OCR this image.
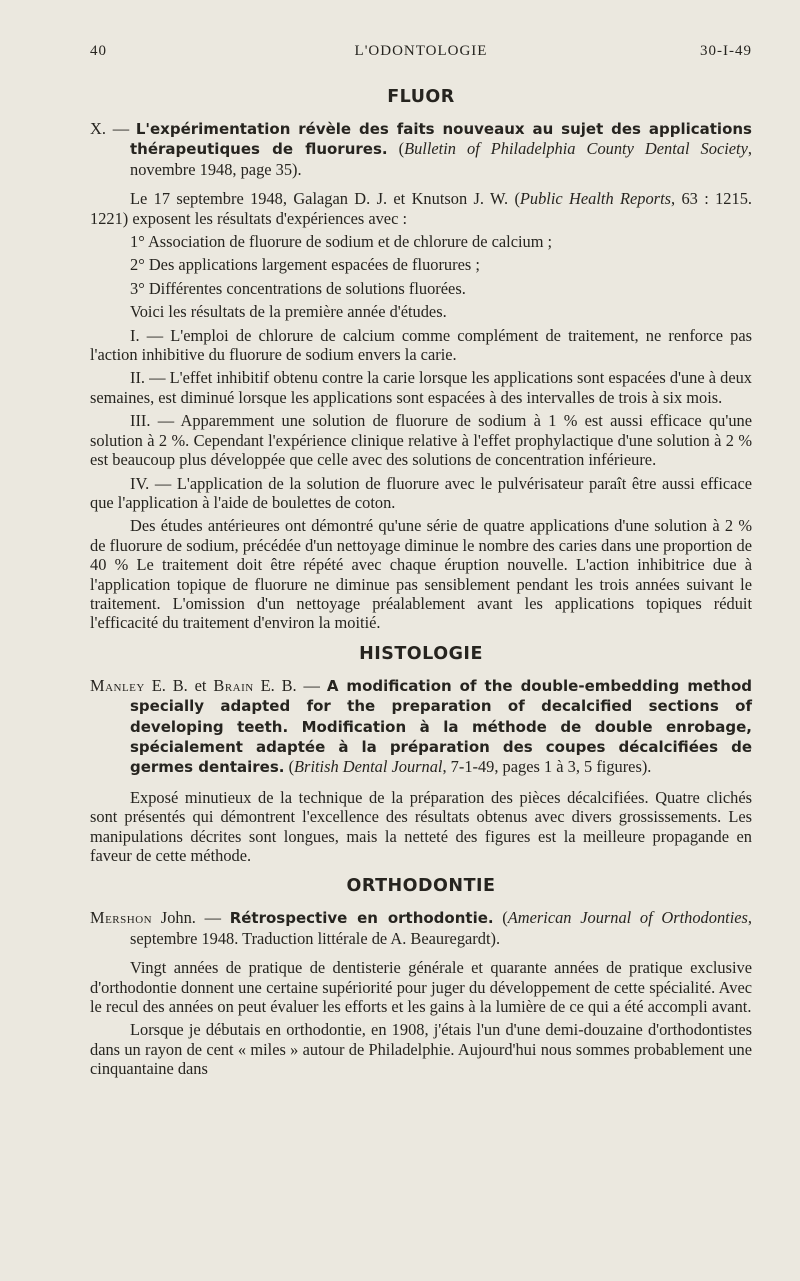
40	L'ODONTOLOGIE	30-I-49
FLUOR

X. — L'expérimentation révèle des faits nouveaux au sujet des applications thérapeutiques de fluorures. (Bulletin of Philadelphia County Dental Society, novembre 1948, page 35).

Le 17 septembre 1948, Galagan D. J. et Knutson J. W. (Public Health Reports, 63 : 1215. 1221) exposent les résultats d'expériences avec :

1° Association de fluorure de sodium et de chlorure de calcium ;

2° Des applications largement espacées de fluorures ;

3° Différentes concentrations de solutions fluorées.

Voici les résultats de la première année d'études.

I. — L'emploi de chlorure de calcium comme complément de traitement, ne renforce pas l'action inhibitive du fluorure de sodium envers la carie.

II. — L'effet inhibitif obtenu contre la carie lorsque les applications sont espacées d'une à deux semaines, est diminué lorsque les applications sont espacées à des intervalles de trois à six mois.

III. — Apparemment une solution de fluorure de sodium à 1 % est aussi efficace qu'une solution à 2 %. Cependant l'expérience clinique relative à l'effet prophylactique d'une solution à 2 % est beaucoup plus développée que celle avec des solutions de concentration inférieure.

IV. — L'application de la solution de fluorure avec le pulvérisateur paraît être aussi efficace que l'application à l'aide de boulettes de coton.

Des études antérieures ont démontré qu'une série de quatre applications d'une solution à 2 % de fluorure de sodium, précédée d'un nettoyage diminue le nombre des caries dans une proportion de 40 % Le traitement doit être répété avec chaque éruption nouvelle. L'action inhibitrice due à l'application topique de fluorure ne diminue pas sensiblement pendant les trois années suivant le traitement. L'omission d'un nettoyage préalablement avant les applications topiques réduit l'efficacité du traitement d'environ la moitié.

HISTOLOGIE

Manley E. B. et Brain E. B. — A modification of the double-embedding method specially adapted for the preparation of decalcified sections of developing teeth. Modification à la méthode de double enrobage, spécialement adaptée à la préparation des coupes décalcifiées de germes dentaires. (British Dental Journal, 7-1-49, pages 1 à 3, 5 figures).

Exposé minutieux de la technique de la préparation des pièces décalcifiées. Quatre clichés sont présentés qui démontrent l'excellence des résultats obtenus avec divers grossissements. Les manipulations décrites sont longues, mais la netteté des figures est la meilleure propagande en faveur de cette méthode.

ORTHODONTIE

Mershon John. — Rétrospective en orthodontie. (American Journal of Orthodonties, septembre 1948. Traduction littérale de A. Beauregardt).

Vingt années de pratique de dentisterie générale et quarante années de pratique exclusive d'orthodontie donnent une certaine supériorité pour juger du développement de cette spécialité. Avec le recul des années on peut évaluer les efforts et les gains à la lumière de ce qui a été accompli avant.

Lorsque je débutais en orthodontie, en 1908, j'étais l'un d'une demi-douzaine d'orthodontistes dans un rayon de cent « miles » autour de Philadelphie. Aujourd'hui nous sommes probablement une cinquantaine dans
